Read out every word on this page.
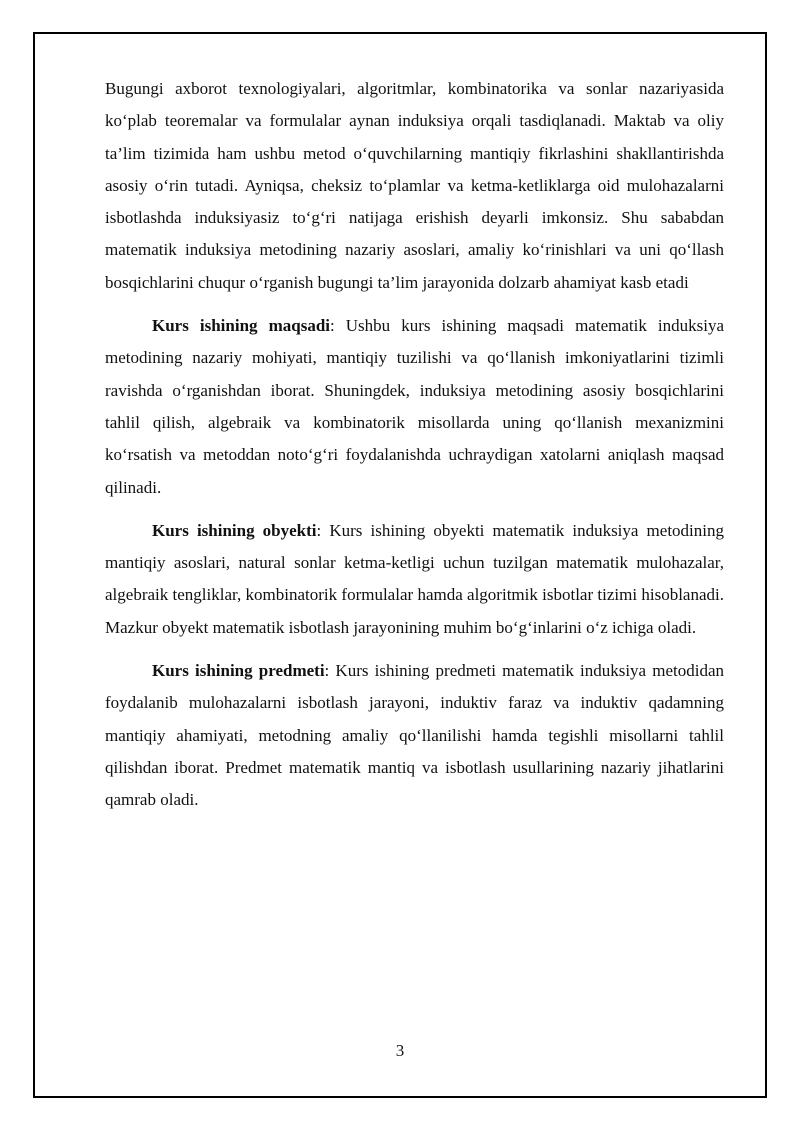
Bugungi axborot texnologiyalari, algoritmlar, kombinatorika va sonlar nazariyasida ko‘plab teoremalar va formulalar aynan induksiya orqali tasdiqlanadi. Maktab va oliy ta’lim tizimida ham ushbu metod o‘quvchilarning mantiqiy fikrlashini shakllantirishda asosiy o‘rin tutadi. Ayniqsa, cheksiz to‘plamlar va ketma-ketliklarga oid mulohazalarni isbotlashda induksiyasiz to‘g‘ri natijaga erishish deyarli imkonsiz. Shu sababdan matematik induksiya metodining nazariy asoslari, amaliy ko‘rinishlari va uni qo‘llash bosqichlarini chuqur o‘rganish bugungi ta’lim jarayonida dolzarb ahamiyat kasb etadi

Kurs ishining maqsadi: Ushbu kurs ishining maqsadi matematik induksiya metodining nazariy mohiyati, mantiqiy tuzilishi va qo‘llanish imkoniyatlarini tizimli ravishda o‘rganishdan iborat. Shuningdek, induksiya metodining asosiy bosqichlarini tahlil qilish, algebraik va kombinatorik misollarda uning qo‘llanish mexanizmini ko‘rsatish va metoddan noto‘g‘ri foydalanishda uchraydigan xatolarni aniqlash maqsad qilinadi.

Kurs ishining obyekti: Kurs ishining obyekti matematik induksiya metodining mantiqiy asoslari, natural sonlar ketma-ketligi uchun tuzilgan matematik mulohazalar, algebraik tengliklar, kombinatorik formulalar hamda algoritmik isbotlar tizimi hisoblanadi. Mazkur obyekt matematik isbotlash jarayonining muhim bo‘g‘inlarini o‘z ichiga oladi.

Kurs ishining predmeti: Kurs ishining predmeti matematik induksiya metodidan foydalanib mulohazalarni isbotlash jarayoni, induktiv faraz va induktiv qadamning mantiqiy ahamiyati, metodning amaliy qo‘llanilishi hamda tegishli misollarni tahlil qilishdan iborat. Predmet matematik mantiq va isbotlash usullarining nazariy jihatlarini qamrab oladi.

3
